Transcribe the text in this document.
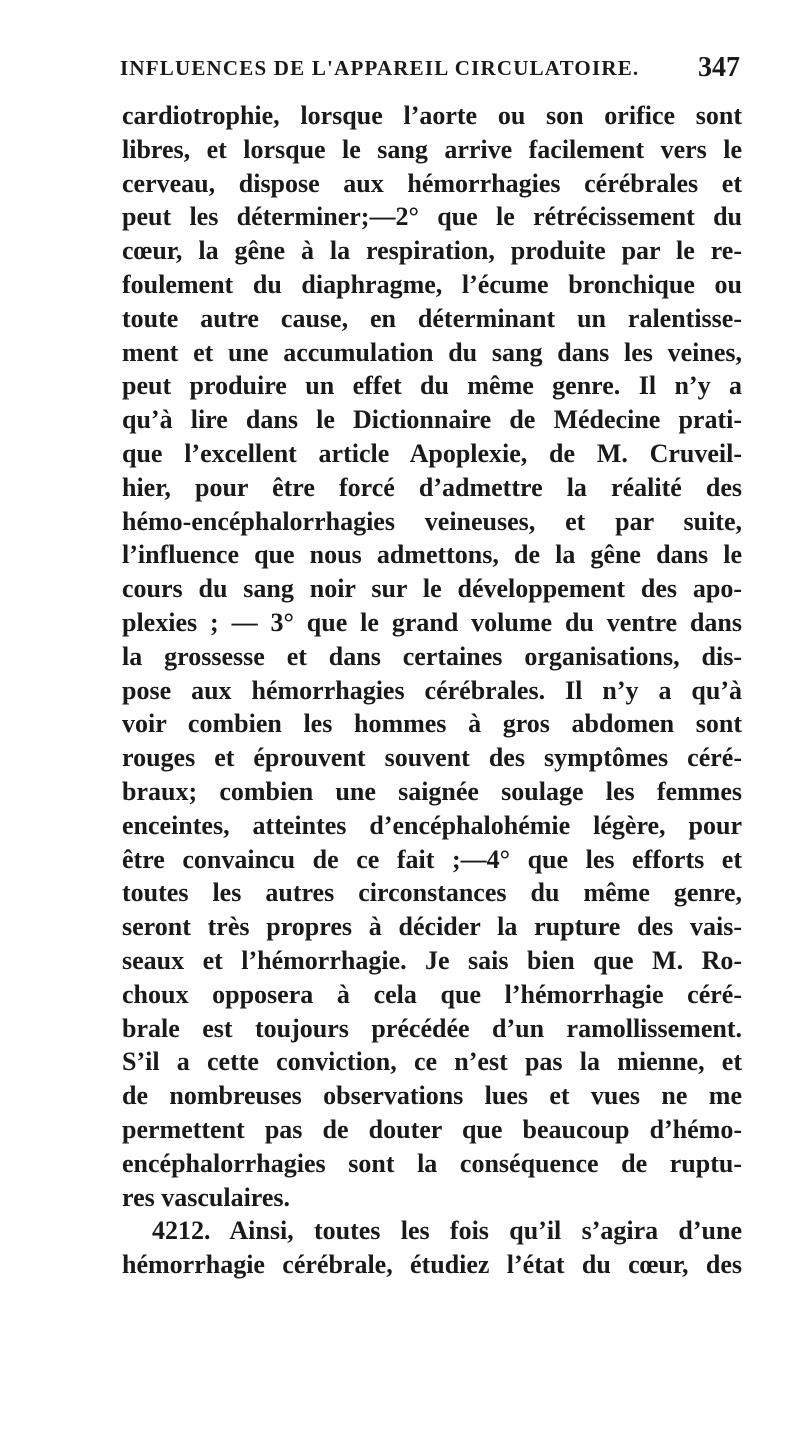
INFLUENCES DE L'APPAREIL CIRCULATOIRE. 347
cardiotrophie, lorsque l’aorte ou son orifice sont
libres, et lorsque le sang arrive facilement vers le
cerveau, dispose aux hémorrhagies cérébrales et
peut les déterminer;—2° que le rétrécissement du
cœur, la gêne à la respiration, produite par le re-
foulement du diaphragme, l’écume bronchique ou
toute autre cause, en déterminant un ralentisse-
ment et une accumulation du sang dans les veines,
peut produire un effet du même genre. Il n’y a
qu’à lire dans le Dictionnaire de Médecine prati-
que l’excellent article Apoplexie, de M. Cruveil-
hier, pour être forcé d’admettre la réalité des
hémo-encéphalorrhagies veineuses, et par suite,
l’influence que nous admettons, de la gêne dans le
cours du sang noir sur le développement des apo-
plexies ; — 3° que le grand volume du ventre dans
la grossesse et dans certaines organisations, dis-
pose aux hémorrhagies cérébrales. Il n’y a qu’à
voir combien les hommes à gros abdomen sont
rouges et éprouvent souvent des symptômes céré-
braux; combien une saignée soulage les femmes
enceintes, atteintes d’encéphalohémie légère, pour
être convaincu de ce fait ;—4° que les efforts et
toutes les autres circonstances du même genre,
seront très propres à décider la rupture des vais-
seaux et l’hémorrhagie. Je sais bien que M. Ro-
choux opposera à cela que l’hémorrhagie céré-
brale est toujours précédée d’un ramollissement.
S’il a cette conviction, ce n’est pas la mienne, et
de nombreuses observations lues et vues ne me
permettent pas de douter que beaucoup d’hémo-
encéphalorrhagies sont la conséquence de ruptu-
res vasculaires.
4212. Ainsi, toutes les fois qu’il s’agira d’une
hémorrhagie cérébrale, étudiez l’état du cœur, des
